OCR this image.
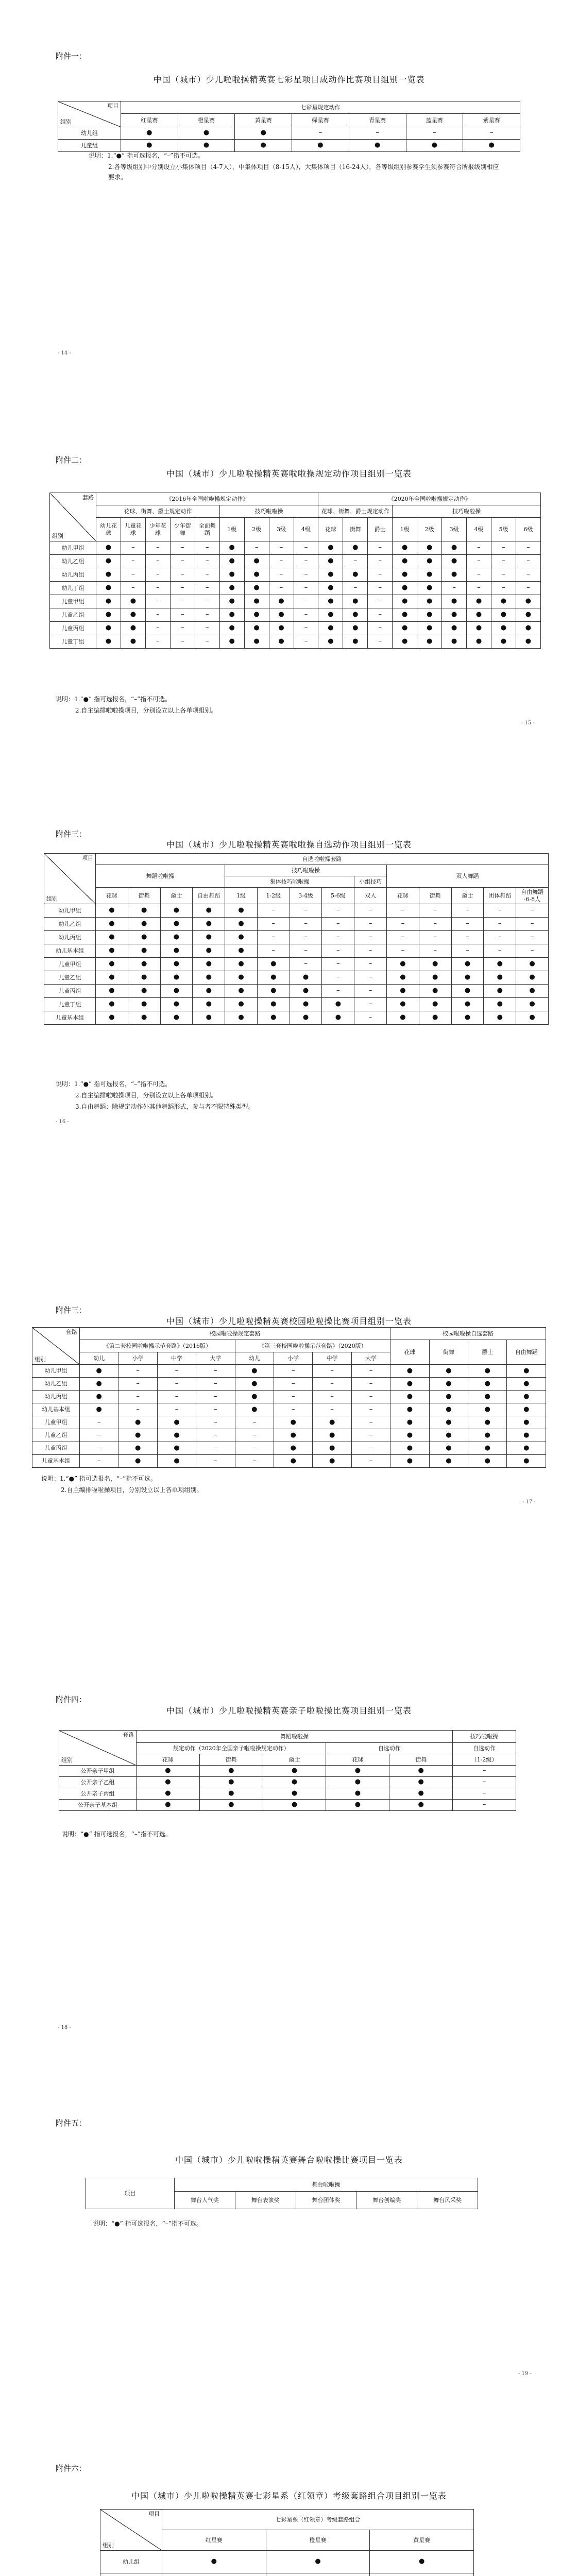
附件一：
中国（城市）少儿啦啦操精英赛七彩星项目成动作比赛项目组别一览表
项目
组别	七彩星规定动作						
	红星赛	橙星赛	黄星赛	绿星赛	青星赛	蓝星赛	紫星赛
幼儿组	●	●	●	–	–	–	–
儿童组	●	●	●	●	●	●	●
说明：1.“●” 指可选报名，“–”指不可选。
2.各等级组别中分别设立小集体项目（4-7人），中集体项目（8-15人），大集体项目（16-24人），各等级组别参赛学生须参赛符合所报级别相应要求。
- 14 -
附件二：
中国（城市）少儿啦啦操精英赛啦啦操规定动作项目组别一览表
套路
组别	《2016年全国啦啦操规定动作》									《2020年全国啦啦操规定动作》								
	花球、街舞、爵士规定动作					技巧啦啦操				花球、街舞、爵士规定动作			技巧啦啦操					
	幼儿花球	儿童花球	少年花球	少年街舞	全面舞蹈	1级	2级	3级	4级	花球	街舞	爵士	1级	2级	3级	4级	5级	6级
幼儿甲组	●	–	–	–	–	●	–	–	–	●	●	–	●	●	●	–	–	–
幼儿乙组	●	–	–	–	–	●	●	–	–	●	–	–	●	●	●	–	–	–
幼儿丙组	●	–	–	–	–	●	●	–	–	●	●	–	●	●	●	–	–	–
幼儿丁组	●	–	–	–	–	●	●	–	–	●	–	–	●	●	–	–	–	–
儿童甲组	●	●	–	–	–	●	●	●	–	●	●	–	●	●	●	●	●	●
儿童乙组	●	●	–	–	–	●	●	●	–	●	●	–	●	●	●	●	●	●
儿童丙组	●	●	–	–	–	●	●	●	–	●	●	–	●	●	●	●	●	●
儿童丁组	●	●	–	–	–	●	●	●	–	●	●	–	●	●	●	●	●	●
说明：1.“●” 指可选报名，“–”指不可选。
2.自主编排啦啦操项目，分别设立以上各单项组别。
- 15 -
附件三：
中国（城市）少儿啦啦操精英赛啦啦操自选动作项目组别一览表
项目
组别	自选啦啦操套路													
	舞蹈啦啦操				技巧啦啦操					双人舞蹈				
					集体技巧啦啦操				小组技巧					
	花球	街舞	爵士	自由舞蹈	1级	1-2级	3-4级	5-6级	双人	花球	街舞	爵士	团体舞蹈	自由舞蹈·6-8人
幼儿甲组	●	●	●	●	●	–	–	–	–	–	–	–	–	–
幼儿乙组	●	●	●	●	●	–	–	–	–	–	–	–	–	–
幼儿丙组	●	●	●	●	●	–	–	–	–	–	–	–	–	–
幼儿基本组	●	●	●	●	●	–	–	–	–	–	–	–	–	–
儿童甲组	●	●	●	●	●	●	–	–	–	●	●	●	●	●
儿童乙组	●	●	●	●	●	●	●	–	–	●	●	●	●	●
儿童丙组	●	●	●	●	●	●	●	–	–	●	●	●	●	●
儿童丁组	●	●	●	●	●	●	●	●	–	●	●	●	●	●
儿童基本组	●	●	●	●	●	●	●	●	–	●	●	●	●	●
说明：1.“●” 指可选报名，“–”指不可选。
2.自主编排啦啦操项目，分别设立以上各单项组别。
3.自由舞蹈：除规定动作外其他舞蹈形式，参与者不限特殊类型。
- 16 -
附件三：
中国（城市）少儿啦啦操精英赛校园啦啦操比赛项目组别一览表
套路
组别	校园啦啦操规定套路								校园啦啦操自选套路			
	《第二套校园啦啦操示范套路》（2016版）				《第三套校园啦啦操示范套路》（2020版）				花球	街舞	爵士	自由舞蹈
	幼儿	小学	中学	大学	幼儿	小学	中学	大学				
幼儿甲组	●	–	–	–	●	–	–	–	●	●	●	●
幼儿乙组	●	–	–	–	●	–	–	–	●	●	●	●
幼儿丙组	●	–	–	–	●	–	–	–	●	●	●	●
幼儿基本组	●	–	–	–	●	–	–	–	●	●	●	●
儿童甲组	–	●	●	–	–	●	●	–	●	●	●	●
儿童乙组	–	●	●	–	–	●	●	–	●	●	●	●
儿童丙组	–	●	●	–	–	●	●	–	●	●	●	●
儿童基本组	–	●	●	–	–	●	●	–	●	●	●	●
说明：1.“●” 指可选报名，“–”指不可选。
2.自主编排啦啦操项目，分别设立以上各单项组别。
- 17 -
附件四：
中国（城市）少儿啦啦操精英赛亲子啦啦操比赛项目组别一览表
套路
组别	舞蹈啦啦操					技巧啦啦操
	规定动作（2020年全国亲子啦啦操规定动作）			自选动作		自选动作
	花球	街舞	爵士	花球	街舞	（1-2级）
公开亲子甲组	●	●	●	●	●	–
公开亲子乙组	●	●	●	●	●	–
公开亲子丙组	●	●	●	●	●	–
公开亲子基本组	●	●	●	●	●	–
说明：“●” 指可选报名，“–”指不可选。
- 18 -
附件五：
中国（城市）少儿啦啦操精英赛舞台啦啦操比赛项目一览表
项目	舞台啦啦操				
	舞台人气奖	舞台表演奖	舞台团体奖	舞台创编奖	舞台风采奖
说明：“●” 指可选报名，“–”指不可选。
- 19 -
附件六：
中国（城市）少儿啦啦操精英赛七彩星系（红领章）考级套路组合项目组别一览表
项目
组别	七彩星系（红领章）考级套路组合		
	红星赛	橙星赛	黄星赛
幼儿组	●	●	●
